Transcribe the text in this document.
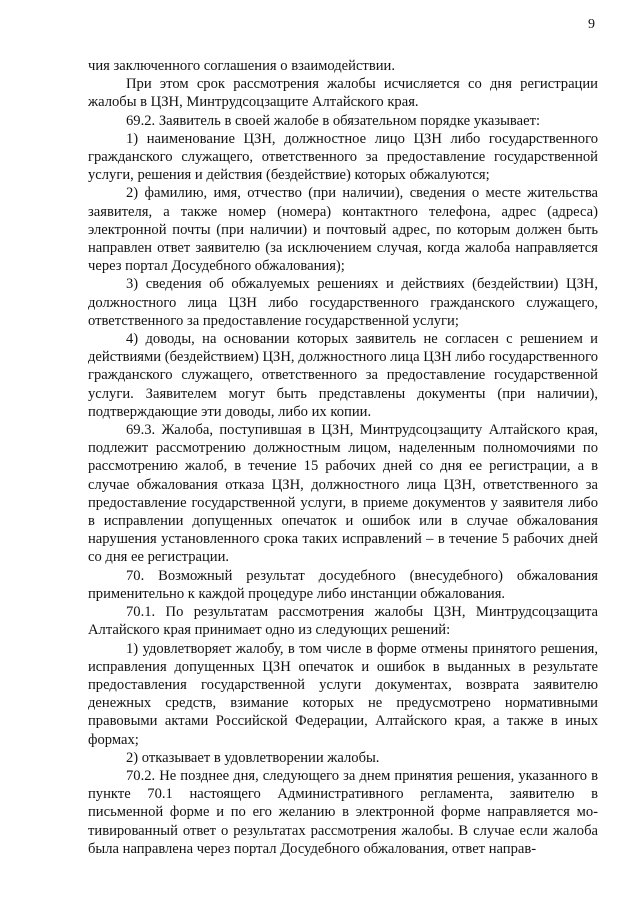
9

чия заключенного соглашения о взаимодействии.

При этом срок рассмотрения жалобы исчисляется со дня регистрации жалобы в ЦЗН, Минтрудсоцзащите Алтайского края.

69.2. Заявитель в своей жалобе в обязательном порядке указывает:

1) наименование ЦЗН, должностное лицо ЦЗН либо государственного гражданского служащего, ответственного за предоставление государственной услуги, решения и действия (бездействие) которых обжалуются;

2) фамилию, имя, отчество (при наличии), сведения о месте жительства заявителя, а также номер (номера) контактного телефона, адрес (адреса) электронной почты (при наличии) и почтовый адрес, по которым должен быть направлен ответ заявителю (за исключением случая, когда жалоба направляется через портал Досудебного обжалования);

3) сведения об обжалуемых решениях и действиях (бездействии) ЦЗН, должностного лица ЦЗН либо государственного гражданского служащего, ответственного за предоставление государственной услуги;

4) доводы, на основании которых заявитель не согласен с решением и действиями (бездействием) ЦЗН, должностного лица ЦЗН либо государственного гражданского служащего, ответственного за предоставление государственной услуги. Заявителем могут быть представлены документы (при наличии), подтверждающие эти доводы, либо их копии.

69.3. Жалоба, поступившая в ЦЗН, Минтрудсоцзащиту Алтайского края, подлежит рассмотрению должностным лицом, наделенным полномочиями по рассмотрению жалоб, в течение 15 рабочих дней со дня ее регистрации, а в случае обжалования отказа ЦЗН, должностного лица ЦЗН, ответственного за предоставление государственной услуги, в приеме документов у заявителя либо в исправлении допущенных опечаток и ошибок или в случае обжалования нарушения установленного срока таких исправлений – в течение 5 рабочих дней со дня ее регистрации.

70. Возможный результат досудебного (внесудебного) обжалования применительно к каждой процедуре либо инстанции обжалования.

70.1. По результатам рассмотрения жалобы ЦЗН, Минтрудсоцзащита Алтайского края принимает одно из следующих решений:

1) удовлетворяет жалобу, в том числе в форме отмены принятого решения, исправления допущенных ЦЗН опечаток и ошибок в выданных в результате предоставления государственной услуги документах, возврата заявителю денежных средств, взимание которых не предусмотрено нормативными правовыми актами Российской Федерации, Алтайского края, а также в иных формах;

2) отказывает в удовлетворении жалобы.

70.2. Не позднее дня, следующего за днем принятия решения, указанного в пункте 70.1 настоящего Административного регламента, заявителю в письменной форме и по его желанию в электронной форме направляется мотивированный ответ о результатах рассмотрения жалобы. В случае если жалоба была направлена через портал Досудебного обжалования, ответ направ-
